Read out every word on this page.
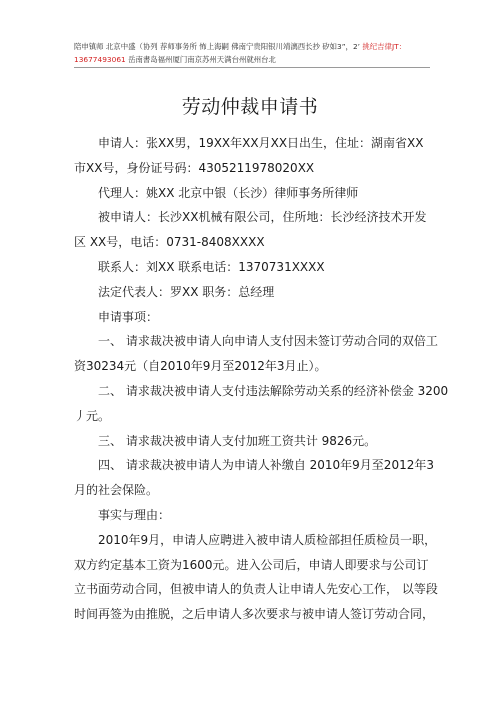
陪申镇师 北京中盛（协列 荐师事务所 怖上海嗣 佛南宁贵阳银川靖漓西长抄 矽如3”，2’ 挑纪吉律JT：
13677493061 岳南書岛福州厦门南京苏州天满台州就州台北
劳动仲裁申请书
申请人：张XX男，19XX年XX月XX日出生，住址：湖南省XX
市XX号，身份证号码：4305211978020XX
代理人：姚XX 北京中银（长沙）律师事务所律师
被申请人：长沙XX机械有限公司，住所地：长沙经济技术开发
区 XX号，电话：0731-8408XXXX
联系人：刘XX 联系电话：1370731XXXX
法定代表人：罗XX 职务：总经理
申请事项：
一、 请求裁决被申请人向申请人支付因未签订劳动合同的双倍工
资30234元（自2010年9月至2012年3月止）。
二、 请求裁决被申请人支付违法解除劳动关系的经济补偿金 3200
丿元。
三、 请求裁决被申请人支付加班工资共计 9826元。
四、 请求裁决被申请人为申请人补缴自 2010年9月至2012年3
月的社会保险。
事实与理由：
2010年9月，申请人应聘进入被申请人质检部担任质检员一职，
双方约定基本工资为1600元。进入公司后，申请人即要求与公司订
立书面劳动合同，但被申请人的负责人让申请人先安心工作， 以等段
时间再签为由推脱，之后申请人多次要求与被申请人签订劳动合同，
